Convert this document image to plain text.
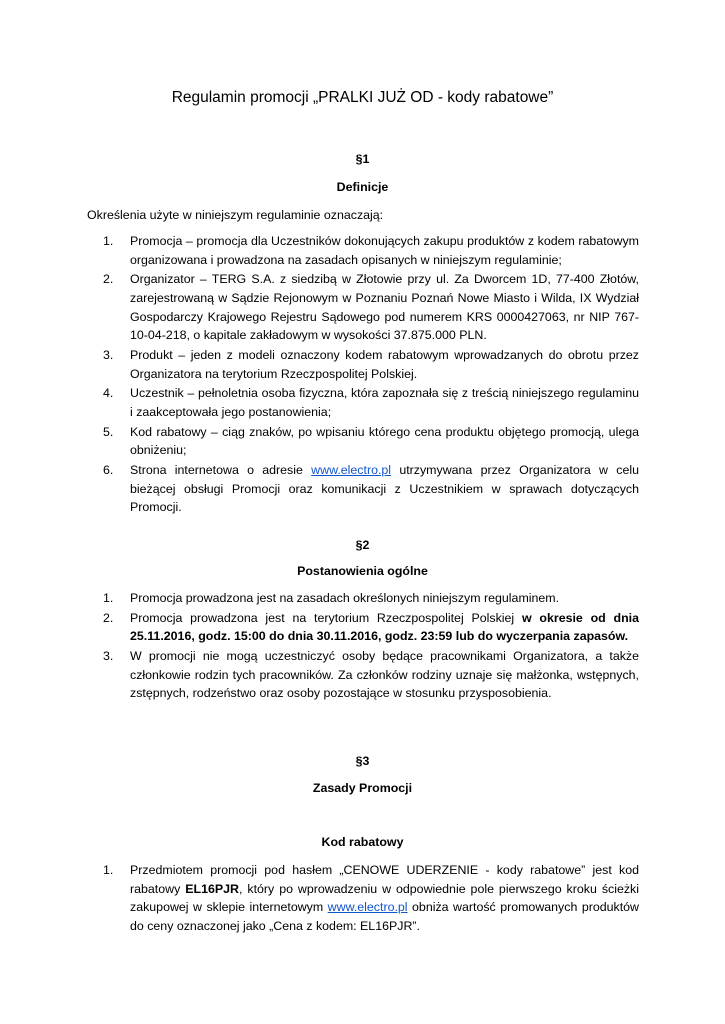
Regulamin promocji „PRALKI JUŻ OD - kody rabatowe”
§1
Definicje
Określenia użyte w niniejszym regulaminie oznaczają:
1. Promocja – promocja dla Uczestników dokonujących zakupu produktów z kodem rabatowym organizowana i prowadzona na zasadach opisanych w niniejszym regulaminie;
2. Organizator – TERG S.A. z siedzibą w Złotowie przy ul. Za Dworcem 1D, 77-400 Złotów, zarejestrowaną w Sądzie Rejonowym w Poznaniu Poznań Nowe Miasto i Wilda, IX Wydział Gospodarczy Krajowego Rejestru Sądowego pod numerem KRS 0000427063, nr NIP 767-10-04-218, o kapitale zakładowym w wysokości 37.875.000 PLN.
3. Produkt – jeden z modeli oznaczony kodem rabatowym wprowadzanych do obrotu przez Organizatora na terytorium Rzeczpospolitej Polskiej.
4. Uczestnik – pełnoletnia osoba fizyczna, która zapoznała się z treścią niniejszego regulaminu i zaakceptowała jego postanowienia;
5. Kod rabatowy – ciąg znaków, po wpisaniu którego cena produktu objętego promocją, ulega obniżeniu;
6. Strona internetowa o adresie www.electro.pl utrzymywana przez Organizatora w celu bieżącej obsługi Promocji oraz komunikacji z Uczestnikiem w sprawach dotyczących Promocji.
§2
Postanowienia ogólne
1. Promocja prowadzona jest na zasadach określonych niniejszym regulaminem.
2. Promocja prowadzona jest na terytorium Rzeczpospolitej Polskiej w okresie od dnia 25.11.2016, godz. 15:00 do dnia 30.11.2016, godz. 23:59 lub do wyczerpania zapasów.
3. W promocji nie mogą uczestniczyć osoby będące pracownikami Organizatora, a także członkowie rodzin tych pracowników. Za członków rodziny uznaje się małżonka, wstępnych, zstępnych, rodzeństwo oraz osoby pozostające w stosunku przysposobienia.
§3
Zasady Promocji
Kod rabatowy
1. Przedmiotem promocji pod hasłem „CENOWE UDERZENIE - kody rabatowe” jest kod rabatowy EL16PJR, który po wprowadzeniu w odpowiednie pole pierwszego kroku ścieżki zakupowej w sklepie internetowym www.electro.pl obniża wartość promowanych produktów do ceny oznaczonej jako „Cena z kodem: EL16PJR”.
